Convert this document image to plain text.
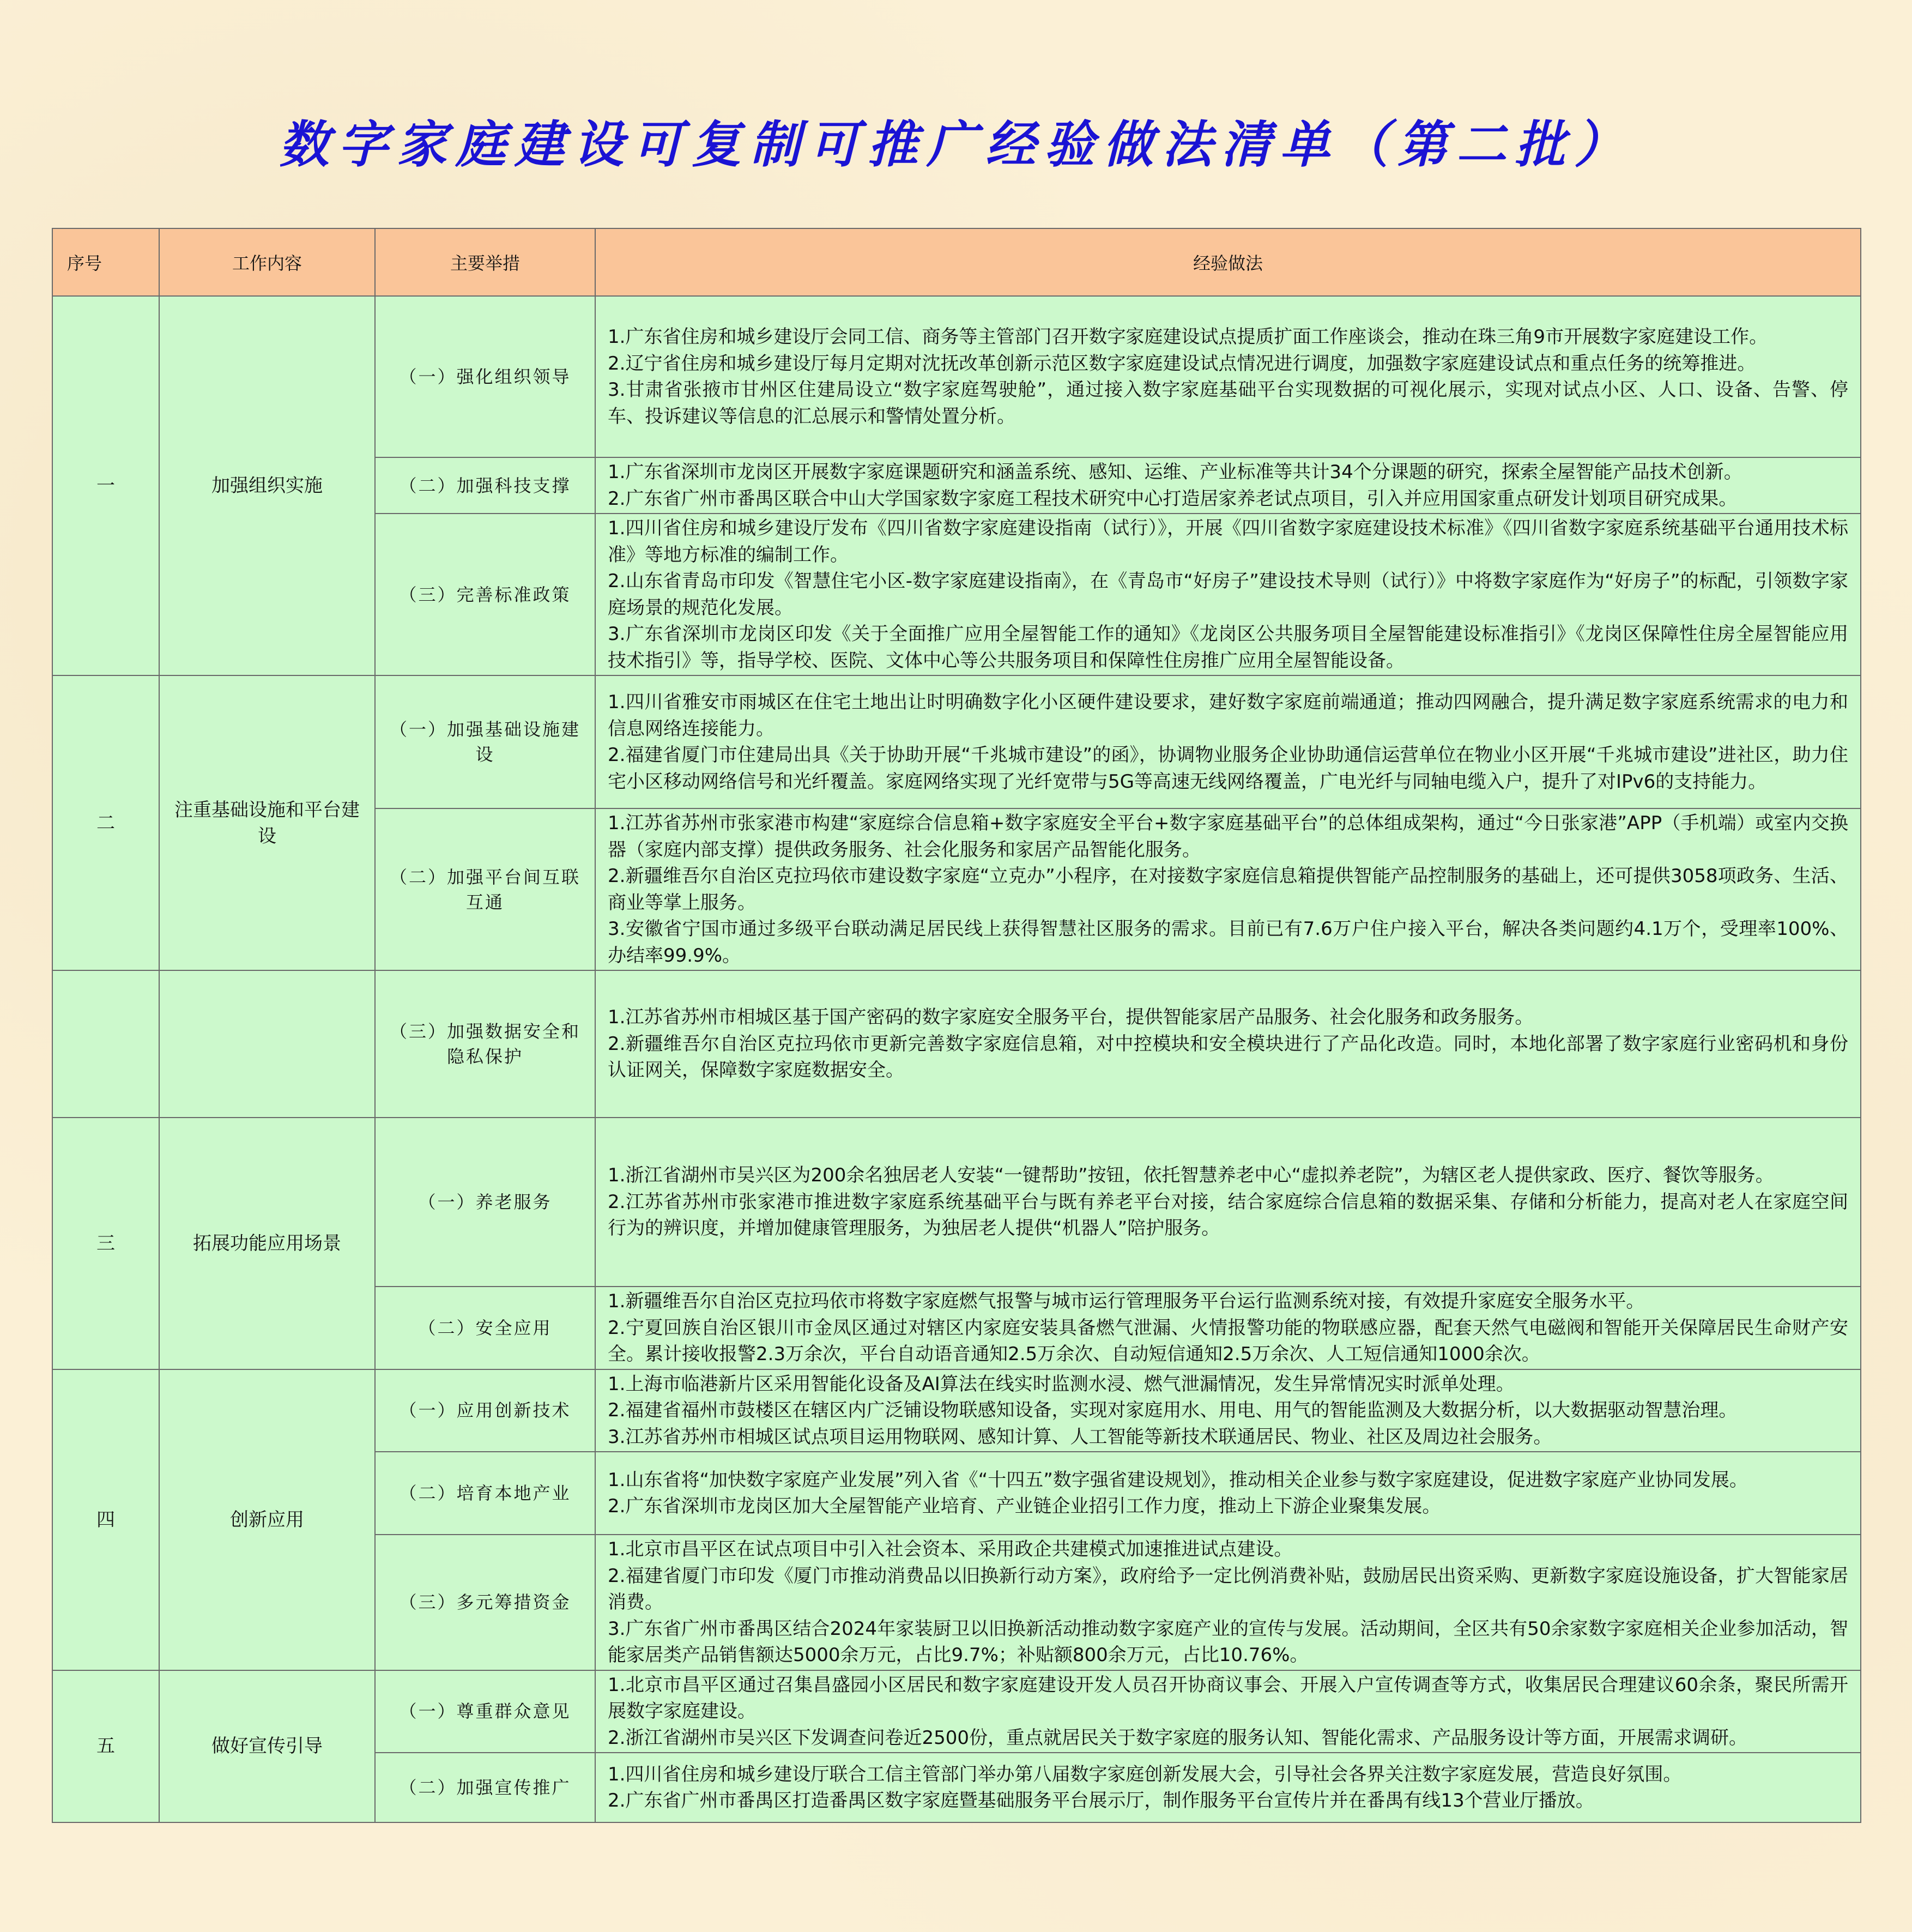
数字家庭建设可复制可推广经验做法清单（第二批）
序号	工作内容	主要举措	经验做法
一	加强组织实施	（一）强化组织领导	1.广东省住房和城乡建设厅会同工信、商务等主管部门召开数字家庭建设试点提质扩面工作座谈会，推动在珠三角9市开展数字家庭建设工作。

2.辽宁省住房和城乡建设厅每月定期对沈抚改革创新示范区数字家庭建设试点情况进行调度，加强数字家庭建设试点和重点任务的统筹推进。

3.甘肃省张掖市甘州区住建局设立“数字家庭驾驶舱”，通过接入数字家庭基础平台实现数据的可视化展示，实现对试点小区、人口、设备、告警、停车、投诉建议等信息的汇总展示和警情处置分析。

		（二）加强科技支撑	1.广东省深圳市龙岗区开展数字家庭课题研究和涵盖系统、感知、运维、产业标准等共计34个分课题的研究，探索全屋智能产品技术创新。

2.广东省广州市番禺区联合中山大学国家数字家庭工程技术研究中心打造居家养老试点项目，引入并应用国家重点研发计划项目研究成果。

		（三）完善标准政策	1.四川省住房和城乡建设厅发布《四川省数字家庭建设指南（试行）》，开展《四川省数字家庭建设技术标准》《四川省数字家庭系统基础平台通用技术标准》等地方标准的编制工作。

2.山东省青岛市印发《智慧住宅小区-数字家庭建设指南》，在《青岛市“好房子”建设技术导则（试行）》中将数字家庭作为“好房子”的标配，引领数字家庭场景的规范化发展。

3.广东省深圳市龙岗区印发《关于全面推广应用全屋智能工作的通知》《龙岗区公共服务项目全屋智能建设标准指引》《龙岗区保障性住房全屋智能应用技术指引》等，指导学校、医院、文体中心等公共服务项目和保障性住房推广应用全屋智能设备。

二	注重基础设施和平台建设	（一）加强基础设施建设	1.四川省雅安市雨城区在住宅土地出让时明确数字化小区硬件建设要求，建好数字家庭前端通道；推动四网融合，提升满足数字家庭系统需求的电力和信息网络连接能力。

2.福建省厦门市住建局出具《关于协助开展“千兆城市建设”的函》，协调物业服务企业协助通信运营单位在物业小区开展“千兆城市建设”进社区，助力住宅小区移动网络信号和光纤覆盖。家庭网络实现了光纤宽带与5G等高速无线网络覆盖，广电光纤与同轴电缆入户，提升了对IPv6的支持能力。

		（二）加强平台间互联互通	1.江苏省苏州市张家港市构建“家庭综合信息箱+数字家庭安全平台+数字家庭基础平台”的总体组成架构，通过“今日张家港”APP（手机端）或室内交换器（家庭内部支撑）提供政务服务、社会化服务和家居产品智能化服务。

2.新疆维吾尔自治区克拉玛依市建设数字家庭“立克办”小程序，在对接数字家庭信息箱提供智能产品控制服务的基础上，还可提供3058项政务、生活、商业等掌上服务。

3.安徽省宁国市通过多级平台联动满足居民线上获得智慧社区服务的需求。目前已有7.6万户住户接入平台，解决各类问题约4.1万个，受理率100%、办结率99.9%。

		（三）加强数据安全和隐私保护	1.江苏省苏州市相城区基于国产密码的数字家庭安全服务平台，提供智能家居产品服务、社会化服务和政务服务。

2.新疆维吾尔自治区克拉玛依市更新完善数字家庭信息箱，对中控模块和安全模块进行了产品化改造。同时，本地化部署了数字家庭行业密码机和身份认证网关，保障数字家庭数据安全。

三	拓展功能应用场景	（一）养老服务	1.浙江省湖州市吴兴区为200余名独居老人安装“一键帮助”按钮，依托智慧养老中心“虚拟养老院”，为辖区老人提供家政、医疗、餐饮等服务。

2.江苏省苏州市张家港市推进数字家庭系统基础平台与既有养老平台对接，结合家庭综合信息箱的数据采集、存储和分析能力，提高对老人在家庭空间行为的辨识度，并增加健康管理服务，为独居老人提供“机器人”陪护服务。

		（二）安全应用	1.新疆维吾尔自治区克拉玛依市将数字家庭燃气报警与城市运行管理服务平台运行监测系统对接，有效提升家庭安全服务水平。

2.宁夏回族自治区银川市金凤区通过对辖区内家庭安装具备燃气泄漏、火情报警功能的物联感应器，配套天然气电磁阀和智能开关保障居民生命财产安全。累计接收报警2.3万余次，平台自动语音通知2.5万余次、自动短信通知2.5万余次、人工短信通知1000余次。

四	创新应用	（一）应用创新技术	1.上海市临港新片区采用智能化设备及AI算法在线实时监测水浸、燃气泄漏情况，发生异常情况实时派单处理。

2.福建省福州市鼓楼区在辖区内广泛铺设物联感知设备，实现对家庭用水、用电、用气的智能监测及大数据分析，以大数据驱动智慧治理。

3.江苏省苏州市相城区试点项目运用物联网、感知计算、人工智能等新技术联通居民、物业、社区及周边社会服务。

		（二）培育本地产业	1.山东省将“加快数字家庭产业发展”列入省《“十四五”数字强省建设规划》，推动相关企业参与数字家庭建设，促进数字家庭产业协同发展。

2.广东省深圳市龙岗区加大全屋智能产业培育、产业链企业招引工作力度，推动上下游企业聚集发展。

		（三）多元筹措资金	1.北京市昌平区在试点项目中引入社会资本、采用政企共建模式加速推进试点建设。

2.福建省厦门市印发《厦门市推动消费品以旧换新行动方案》，政府给予一定比例消费补贴，鼓励居民出资采购、更新数字家庭设施设备，扩大智能家居消费。

3.广东省广州市番禺区结合2024年家装厨卫以旧换新活动推动数字家庭产业的宣传与发展。活动期间，全区共有50余家数字家庭相关企业参加活动，智能家居类产品销售额达5000余万元，占比9.7%；补贴额800余万元，占比10.76%。

五	做好宣传引导	（一）尊重群众意见	1.北京市昌平区通过召集昌盛园小区居民和数字家庭建设开发人员召开协商议事会、开展入户宣传调查等方式，收集居民合理建议60余条，聚民所需开展数字家庭建设。

2.浙江省湖州市吴兴区下发调查问卷近2500份，重点就居民关于数字家庭的服务认知、智能化需求、产品服务设计等方面，开展需求调研。

		（二）加强宣传推广	1.四川省住房和城乡建设厅联合工信主管部门举办第八届数字家庭创新发展大会，引导社会各界关注数字家庭发展，营造良好氛围。

2.广东省广州市番禺区打造番禺区数字家庭暨基础服务平台展示厅，制作服务平台宣传片并在番禺有线13个营业厅播放。
